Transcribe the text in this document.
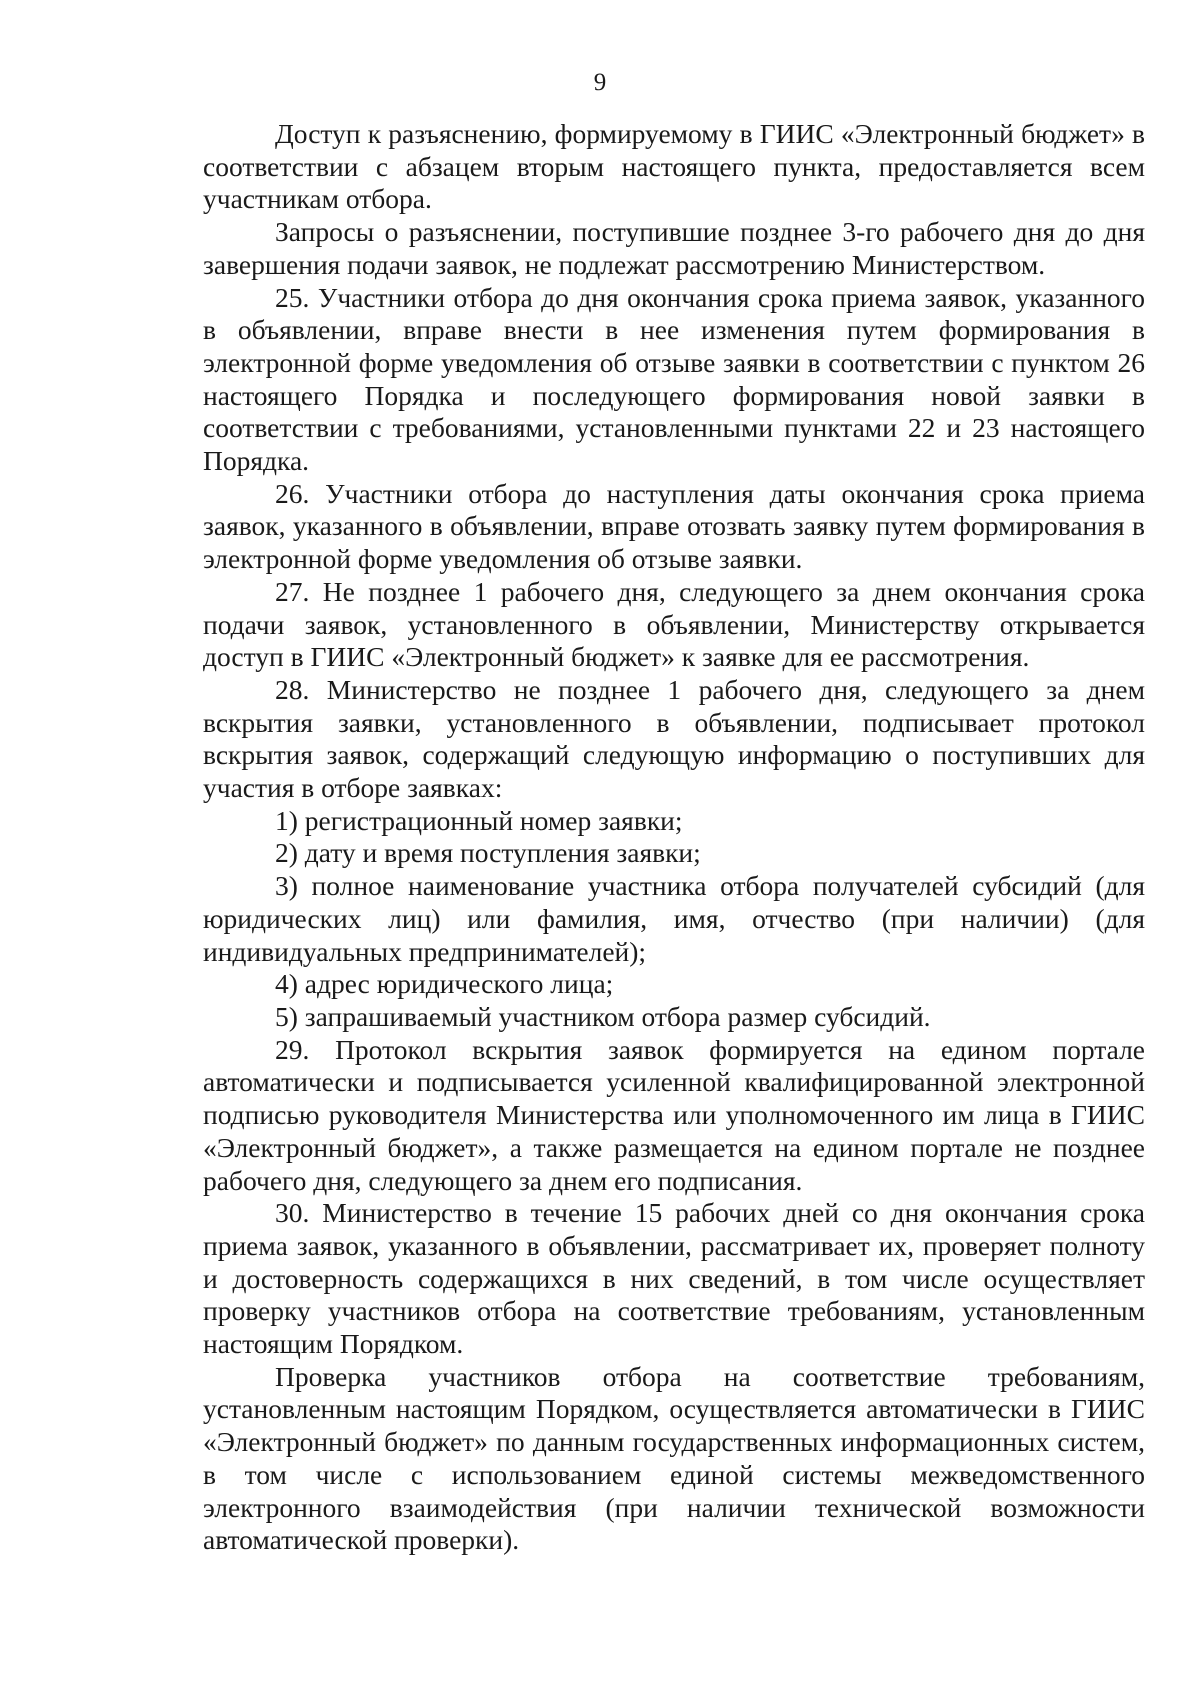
9

Доступ к разъяснению, формируемому в ГИИС «Электронный бюджет» в соответствии с абзацем вторым настоящего пункта, предоставляется всем участникам отбора.

Запросы о разъяснении, поступившие позднее 3-го рабочего дня до дня завершения подачи заявок, не подлежат рассмотрению Министерством.

25. Участники отбора до дня окончания срока приема заявок, указанного в объявлении, вправе внести в нее изменения путем формирования в электронной форме уведомления об отзыве заявки в соответствии с пунктом 26 настоящего Порядка и последующего формирования новой заявки в соответствии с требованиями, установленными пунктами 22 и 23 настоящего Порядка.

26. Участники отбора до наступления даты окончания срока приема заявок, указанного в объявлении, вправе отозвать заявку путем формирования в электронной форме уведомления об отзыве заявки.

27. Не позднее 1 рабочего дня, следующего за днем окончания срока подачи заявок, установленного в объявлении, Министерству открывается доступ в ГИИС «Электронный бюджет» к заявке для ее рассмотрения.

28. Министерство не позднее 1 рабочего дня, следующего за днем вскрытия заявки, установленного в объявлении, подписывает протокол вскрытия заявок, содержащий следующую информацию о поступивших для участия в отборе заявках:

1) регистрационный номер заявки;

2) дату и время поступления заявки;

3) полное наименование участника отбора получателей субсидий (для юридических лиц) или фамилия, имя, отчество (при наличии) (для индивидуальных предпринимателей);

4) адрес юридического лица;

5) запрашиваемый участником отбора размер субсидий.

29. Протокол вскрытия заявок формируется на едином портале автоматически и подписывается усиленной квалифицированной электронной подписью руководителя Министерства или уполномоченного им лица в ГИИС «Электронный бюджет», а также размещается на едином портале не позднее рабочего дня, следующего за днем его подписания.

30. Министерство в течение 15 рабочих дней со дня окончания срока приема заявок, указанного в объявлении, рассматривает их, проверяет полноту и достоверность содержащихся в них сведений, в том числе осуществляет проверку участников отбора на соответствие требованиям, установленным настоящим Порядком.

Проверка участников отбора на соответствие требованиям, установленным настоящим Порядком, осуществляется автоматически в ГИИС «Электронный бюджет» по данным государственных информационных систем, в том числе с использованием единой системы межведомственного электронного взаимодействия (при наличии технической возможности автоматической проверки).
